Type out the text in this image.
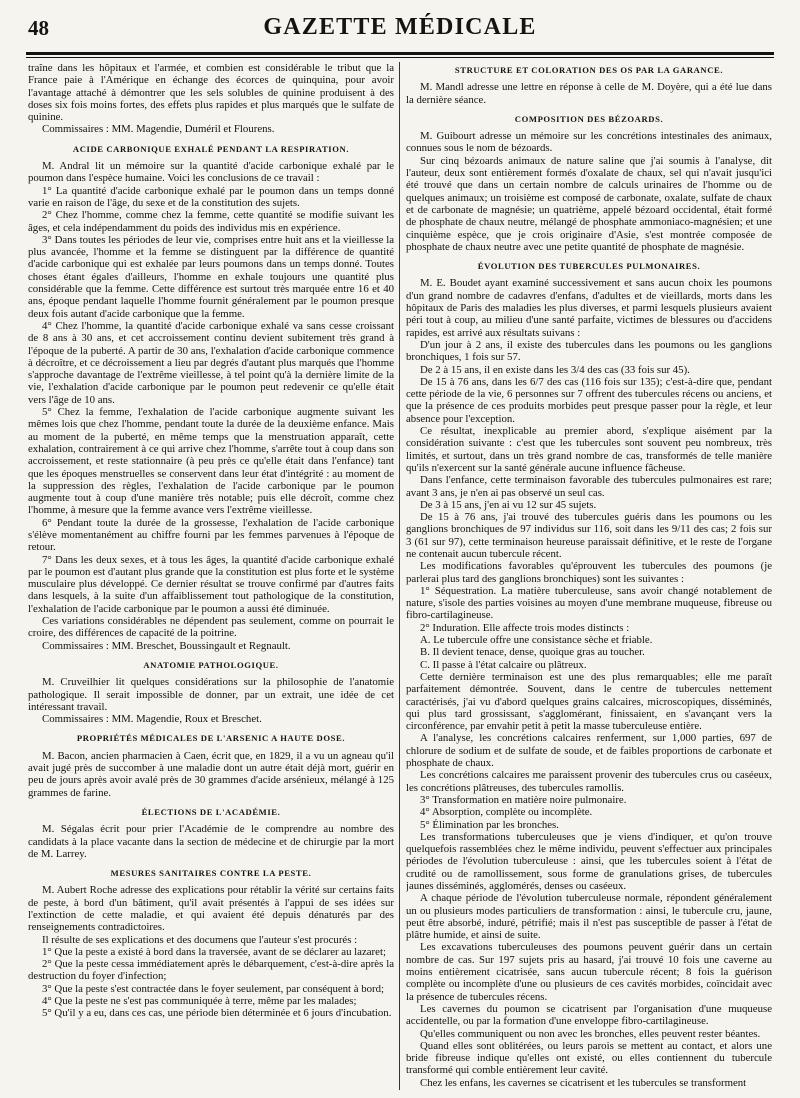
48	GAZETTE MÉDICALE

traîne dans les hôpitaux et l'armée, et combien est considérable le tribut que la France paie à l'Amérique en échange des écorces de quinquina, pour avoir l'avantage attaché à démontrer que les sels solubles de quinine produisent à des doses six fois moins fortes, des effets plus rapides et plus marqués que le sulfate de quinine.

Commissaires : MM. Magendie, Duméril et Flourens.

ACIDE CARBONIQUE EXHALÉ PENDANT LA RESPIRATION.

M. Andral lit un mémoire sur la quantité d'acide carbonique exhalé par le poumon dans l'espèce humaine. Voici les conclusions de ce travail :

1° La quantité d'acide carbonique exhalé par le poumon dans un temps donné varie en raison de l'âge, du sexe et de la constitution des sujets.

2° Chez l'homme, comme chez la femme, cette quantité se modifie suivant les âges, et cela indépendamment du poids des individus mis en expérience.

3° Dans toutes les périodes de leur vie, comprises entre huit ans et la vieillesse la plus avancée, l'homme et la femme se distinguent par la différence de quantité d'acide carbonique qui est exhalée par leurs poumons dans un temps donné. Toutes choses étant égales d'ailleurs, l'homme en exhale toujours une quantité plus considérable que la femme. Cette différence est surtout très marquée entre 16 et 40 ans, époque pendant laquelle l'homme fournit généralement par le poumon presque deux fois autant d'acide carbonique que la femme.

4° Chez l'homme, la quantité d'acide carbonique exhalé va sans cesse croissant de 8 ans à 30 ans, et cet accroissement continu devient subitement très grand à l'époque de la puberté. A partir de 30 ans, l'exhalation d'acide carbonique commence à décroître, et ce décroissement a lieu par degrés d'autant plus marqués que l'homme s'approche davantage de l'extrême vieillesse, à tel point qu'à la dernière limite de la vie, l'exhalation d'acide carbonique par le poumon peut redevenir ce qu'elle était vers l'âge de 10 ans.

5° Chez la femme, l'exhalation de l'acide carbonique augmente suivant les mêmes lois que chez l'homme, pendant toute la durée de la deuxième enfance. Mais au moment de la puberté, en même temps que la menstruation apparaît, cette exhalation, contrairement à ce qui arrive chez l'homme, s'arrête tout à coup dans son accroissement, et reste stationnaire (à peu près ce qu'elle était dans l'enfance) tant que les époques menstruelles se conservent dans leur état d'intégrité : au moment de la suppression des règles, l'exhalation de l'acide carbonique par le poumon augmente tout à coup d'une manière très notable; puis elle décroît, comme chez l'homme, à mesure que la femme avance vers l'extrême vieillesse.

6° Pendant toute la durée de la grossesse, l'exhalation de l'acide carbonique s'élève momentanément au chiffre fourni par les femmes parvenues à l'époque de retour.

7° Dans les deux sexes, et à tous les âges, la quantité d'acide carbonique exhalé par le poumon est d'autant plus grande que la constitution est plus forte et le système musculaire plus développé. Ce dernier résultat se trouve confirmé par d'autres faits dans lesquels, à la suite d'un affaiblissement tout pathologique de la constitution, l'exhalation de l'acide carbonique par le poumon a aussi été diminuée.

Ces variations considérables ne dépendent pas seulement, comme on pourrait le croire, des différences de capacité de la poitrine.

Commissaires : MM. Breschet, Boussingault et Regnault.

ANATOMIE PATHOLOGIQUE.

M. Cruveilhier lit quelques considérations sur la philosophie de l'anatomie pathologique. Il serait impossible de donner, par un extrait, une idée de cet intéressant travail.

Commissaires : MM. Magendie, Roux et Breschet.

PROPRIÉTÉS MÉDICALES DE L'ARSENIC A HAUTE DOSE.

M. Bacon, ancien pharmacien à Caen, écrit que, en 1829, il a vu un agneau qu'il avait jugé près de succomber à une maladie dont un autre était déjà mort, guérir en peu de jours après avoir avalé près de 30 grammes d'acide arsénieux, mélangé à 125 grammes de farine.

ÉLECTIONS DE L'ACADÉMIE.

M. Ségalas écrit pour prier l'Académie de le comprendre au nombre des candidats à la place vacante dans la section de médecine et de chirurgie par la mort de M. Larrey.

MESURES SANITAIRES CONTRE LA PESTE.

M. Aubert Roche adresse des explications pour rétablir la vérité sur certains faits de peste, à bord d'un bâtiment, qu'il avait présentés à l'appui de ses idées sur l'extinction de cette maladie, et qui avaient été depuis dénaturés par des renseignements contradictoires.

Il résulte de ses explications et des documens que l'auteur s'est procurés :

1° Que la peste a existé à bord dans la traversée, avant de se déclarer au lazaret;

2° Que la peste cessa immédiatement après le débarquement, c'est-à-dire après la destruction du foyer d'infection;

3° Que la peste s'est contractée dans le foyer seulement, par conséquent à bord;

4° Que la peste ne s'est pas communiquée à terre, même par les malades;

5° Qu'il y a eu, dans ces cas, une période bien déterminée et 6 jours d'incubation.

STRUCTURE ET COLORATION DES OS PAR LA GARANCE.

M. Mandl adresse une lettre en réponse à celle de M. Doyère, qui a été lue dans la dernière séance.

COMPOSITION DES BÉZOARDS.

M. Guibourt adresse un mémoire sur les concrétions intestinales des animaux, connues sous le nom de bézoards.

Sur cinq bézoards animaux de nature saline que j'ai soumis à l'analyse, dit l'auteur, deux sont entièrement formés d'oxalate de chaux, sel qui n'avait jusqu'ici été trouvé que dans un certain nombre de calculs urinaires de l'homme ou de quelques animaux; un troisième est composé de carbonate, oxalate, sulfate de chaux et de carbonate de magnésie; un quatrième, appelé bézoard occidental, était formé de phosphate de chaux neutre, mélangé de phosphate ammoniaco-magnésien; et une cinquième espèce, que je crois originaire d'Asie, s'est montrée composée de phosphate de chaux neutre avec une petite quantité de phosphate de magnésie.

ÉVOLUTION DES TUBERCULES PULMONAIRES.

M. E. Boudet ayant examiné successivement et sans aucun choix les poumons d'un grand nombre de cadavres d'enfans, d'adultes et de vieillards, morts dans les hôpitaux de Paris des maladies les plus diverses, et parmi lesquels plusieurs avaient péri tout à coup, au milieu d'une santé parfaite, victimes de blessures ou d'accidens rapides, est arrivé aux résultats suivans :

D'un jour à 2 ans, il existe des tubercules dans les poumons ou les ganglions bronchiques, 1 fois sur 57.

De 2 à 15 ans, il en existe dans les 3/4 des cas (33 fois sur 45).

De 15 à 76 ans, dans les 6/7 des cas (116 fois sur 135); c'est-à-dire que, pendant cette période de la vie, 6 personnes sur 7 offrent des tubercules récens ou anciens, et que la présence de ces produits morbides peut presque passer pour la règle, et leur absence pour l'exception.

Ce résultat, inexplicable au premier abord, s'explique aisément par la considération suivante : c'est que les tubercules sont souvent peu nombreux, très limités, et surtout, dans un très grand nombre de cas, transformés de telle manière qu'ils n'exercent sur la santé générale aucune influence fâcheuse.

Dans l'enfance, cette terminaison favorable des tubercules pulmonaires est rare; avant 3 ans, je n'en ai pas observé un seul cas.

De 3 à 15 ans, j'en ai vu 12 sur 45 sujets.

De 15 à 76 ans, j'ai trouvé des tubercules guéris dans les poumons ou les ganglions bronchiques de 97 individus sur 116, soit dans les 9/11 des cas; 2 fois sur 3 (61 sur 97), cette terminaison heureuse paraissait définitive, et le reste de l'organe ne contenait aucun tubercule récent.

Les modifications favorables qu'éprouvent les tubercules des poumons (je parlerai plus tard des ganglions bronchiques) sont les suivantes :

1° Séquestration. La matière tuberculeuse, sans avoir changé notablement de nature, s'isole des parties voisines au moyen d'une membrane muqueuse, fibreuse ou fibro-cartilagineuse.

2° Induration. Elle affecte trois modes distincts :

A. Le tubercule offre une consistance sèche et friable.

B. Il devient tenace, dense, quoique gras au toucher.

C. Il passe à l'état calcaire ou plâtreux.

Cette dernière terminaison est une des plus remarquables; elle me paraît parfaitement démontrée. Souvent, dans le centre de tubercules nettement caractérisés, j'ai vu d'abord quelques grains calcaires, microscopiques, disséminés, qui plus tard grossissant, s'agglomérant, finissaient, en s'avançant vers la circonférence, par envahir petit à petit la masse tuberculeuse entière.

A l'analyse, les concrétions calcaires renferment, sur 1,000 parties, 697 de chlorure de sodium et de sulfate de soude, et de faibles proportions de carbonate et phosphate de chaux.

Les concrétions calcaires me paraissent provenir des tubercules crus ou caséeux, les concrétions plâtreuses, des tubercules ramollis.

3° Transformation en matière noire pulmonaire.

4° Absorption, complète ou incomplète.

5° Élimination par les bronches.

Les transformations tuberculeuses que je viens d'indiquer, et qu'on trouve quelquefois rassemblées chez le même individu, peuvent s'effectuer aux principales périodes de l'évolution tuberculeuse : ainsi, que les tubercules soient à l'état de crudité ou de ramollissement, sous forme de granulations grises, de tubercules jaunes disséminés, agglomérés, denses ou caséeux.

A chaque période de l'évolution tuberculeuse normale, répondent généralement un ou plusieurs modes particuliers de transformation : ainsi, le tubercule cru, jaune, peut être absorbé, induré, pétrifié; mais il n'est pas susceptible de passer à l'état de plâtre humide, et ainsi de suite.

Les excavations tuberculeuses des poumons peuvent guérir dans un certain nombre de cas. Sur 197 sujets pris au hasard, j'ai trouvé 10 fois une caverne au moins entièrement cicatrisée, sans aucun tubercule récent; 8 fois la guérison complète ou incomplète d'une ou plusieurs de ces cavités morbides, coïncidait avec la présence de tubercules récens.

Les cavernes du poumon se cicatrisent par l'organisation d'une muqueuse accidentelle, ou par la formation d'une enveloppe fibro-cartilagineuse.

Qu'elles communiquent ou non avec les bronches, elles peuvent rester béantes.

Quand elles sont oblitérées, ou leurs parois se mettent au contact, et alors une bride fibreuse indique qu'elles ont existé, ou elles contiennent du tubercule transformé qui comble entièrement leur cavité.

Chez les enfans, les cavernes se cicatrisent et les tubercules se transforment
